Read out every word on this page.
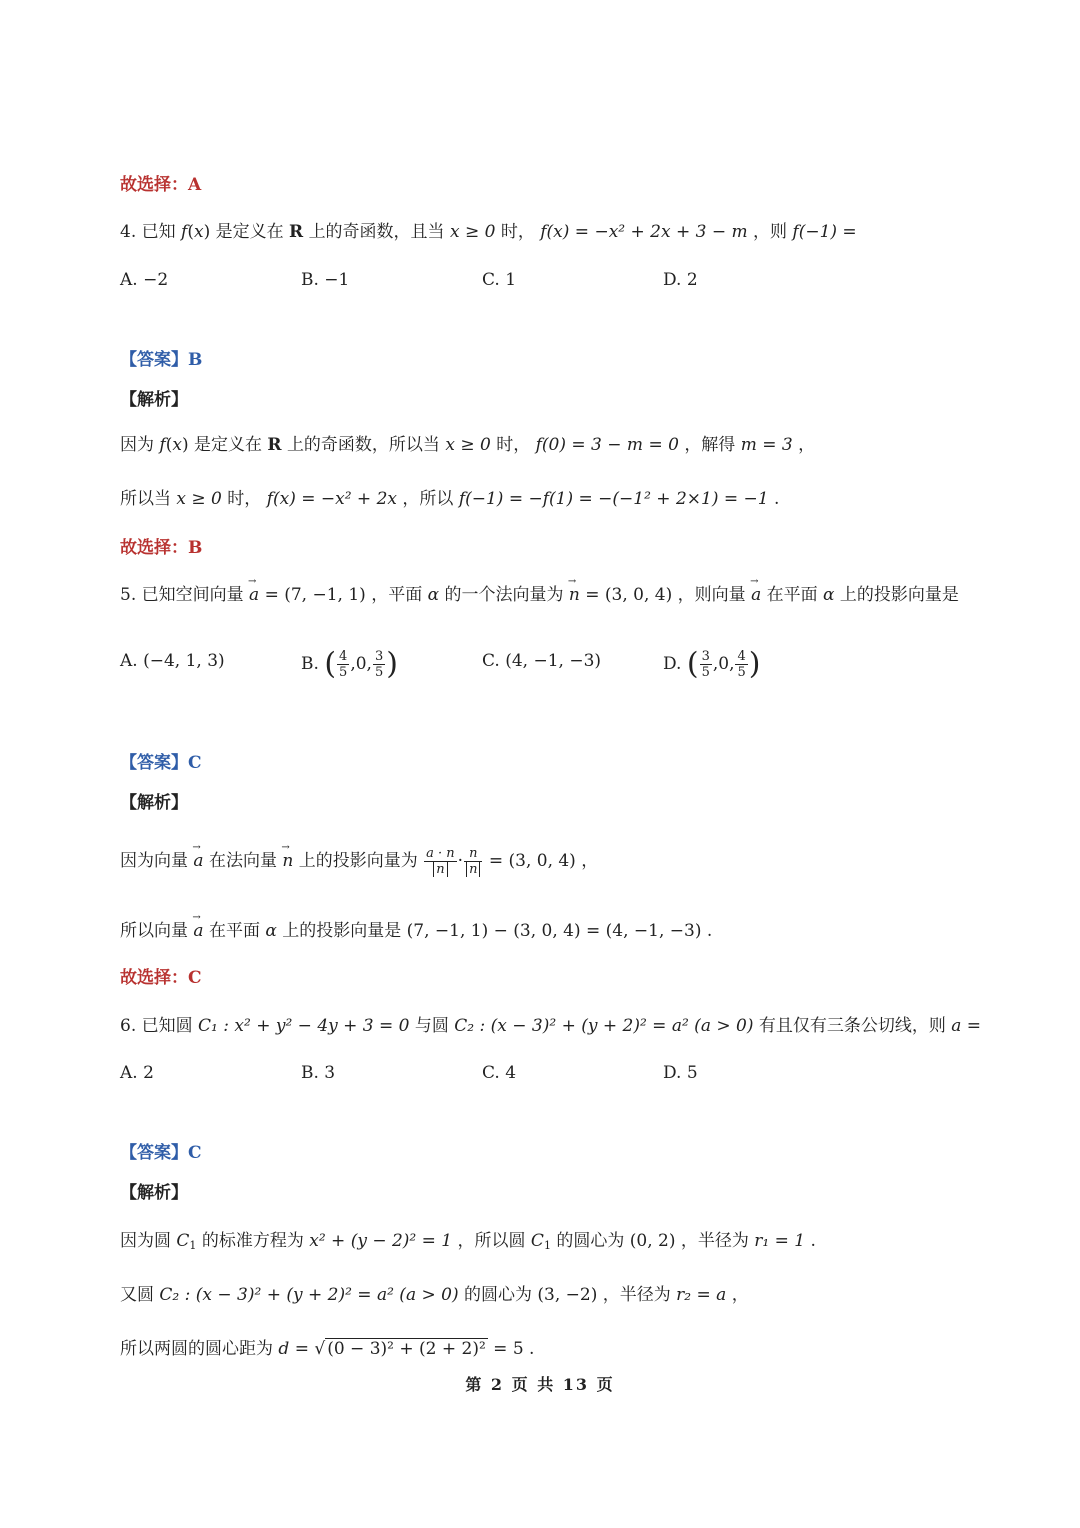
故选择：A
4. 已知 f(x) 是定义在 R 上的奇函数，且当 x ≥ 0 时， f(x) = −x² + 2x + 3 − m ，则 f(−1) =
A. −2	B. −1	C. 1	D. 2
【答案】B
【解析】
因为 f(x) 是定义在 R 上的奇函数，所以当 x ≥ 0 时， f(0) = 3 − m = 0 ，解得 m = 3 ，
所以当 x ≥ 0 时， f(x) = −x² + 2x ，所以 f(−1) = −f(1) = −(−1² + 2×1) = −1 .
故选择：B
5. 已知空间向量 → a = (7, −1, 1) ，平面 α 的一个法向量为 → n = (3, 0, 4) ，则向量 → a 在平面 α 上的投影向量是
A. (−4, 1, 3)	B. ( $\frac{4}{5} ,0$, $\frac{3}{5}$ )	C. (4, −1, −3)	D. ( $\frac{3}{5} ,0$, $\frac{4}{5}$ )
【答案】C
【解析】
因为向量 → a 在法向量 → n 上的投影向量为 $\frac{a \cdot n}{n} \cdot \frac{n}{n} = (3$, 0, 4) ，
所以向量 → a 在平面 α 上的投影向量是 (7, −1, 1) − (3, 0, 4) = (4, −1, −3) .
故选择：C
6. 已知圆 C₁ : x² + y² − 4y + 3 = 0 与圆 C₂ : (x − 3)² + (y + 2)² = a² (a > 0) 有且仅有三条公切线，则 a =
A. 2	B. 3	C. 4	D. 5
【答案】C
【解析】
因为圆 $C_1$ 的标准方程为 x² + (y − 2)² = 1 ，所以圆 $C_1$ 的圆心为 (0, 2) ，半径为 r₁ = 1 .
又圆 C₂ : (x − 3)² + (y + 2)² = a² (a > 0) 的圆心为 (3, −2) ，半径为 r₂ = a ，
所以两圆的圆心距为 d = √ (0 − 3)² + (2 + 2)² = 5 .
第 2 页 共 13 页
